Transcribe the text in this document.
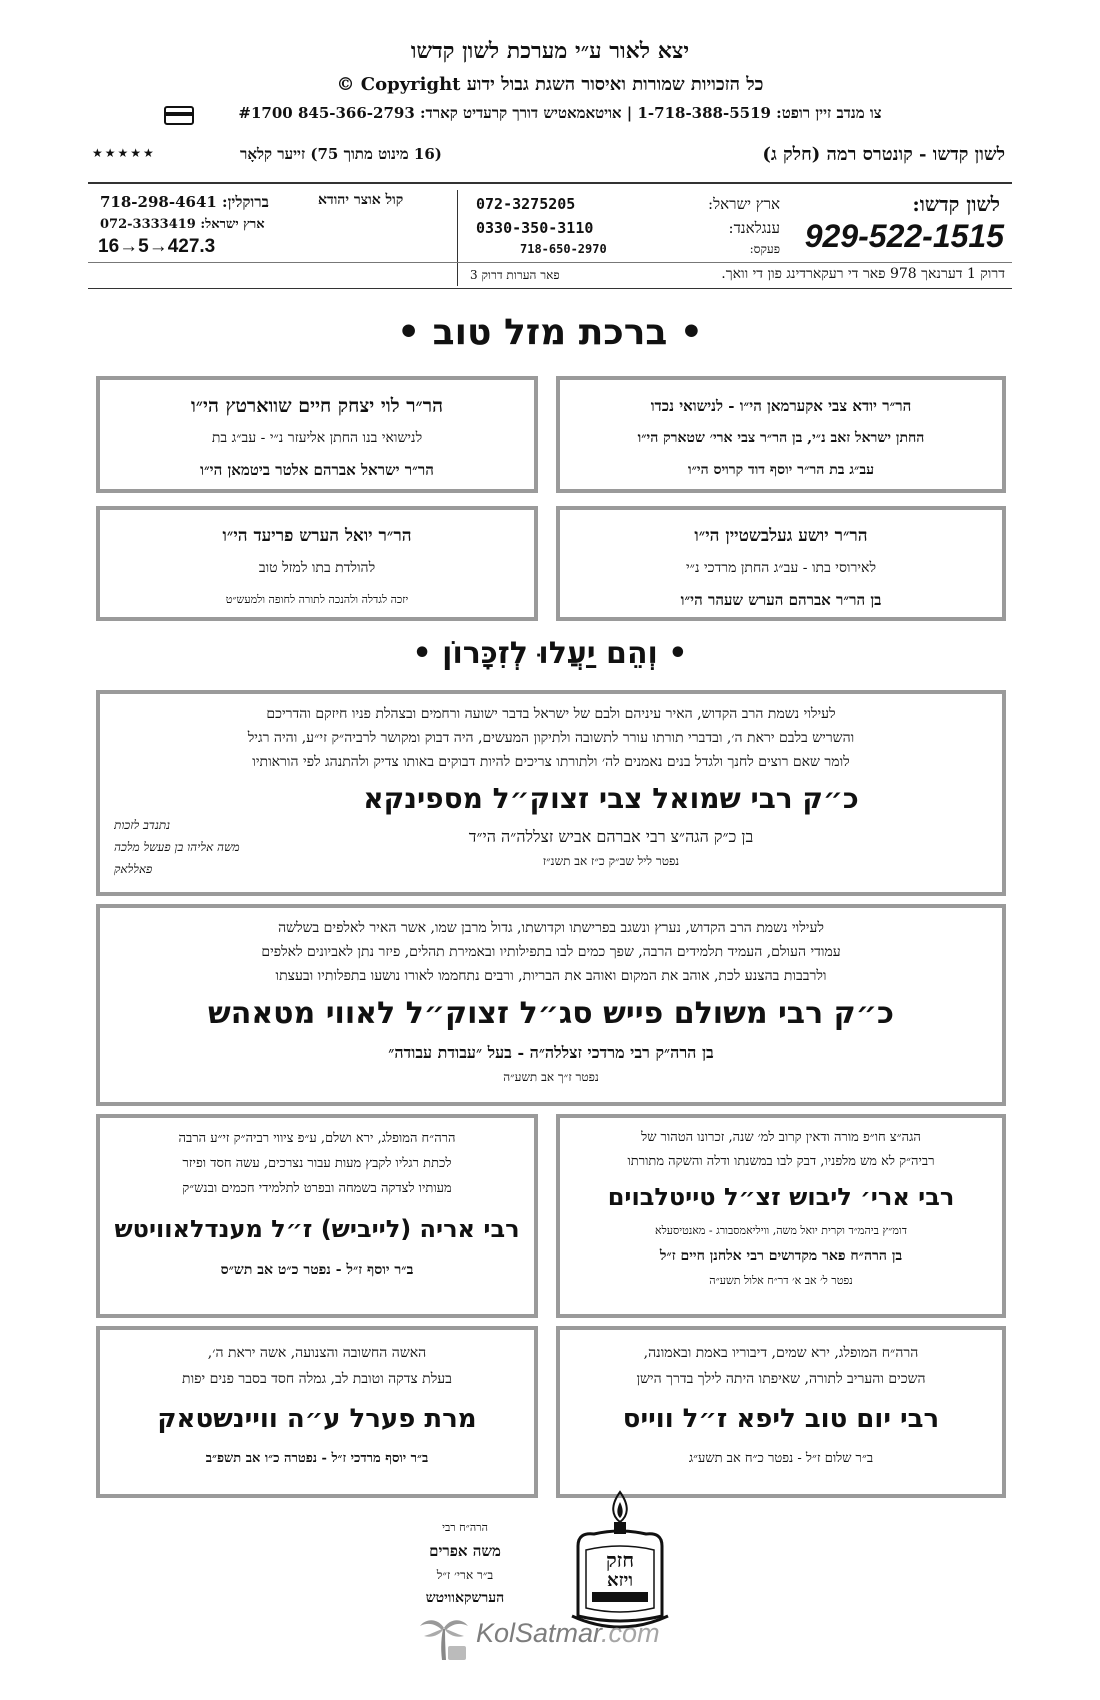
יצא לאור ע״י מערכת לשון קדשו
כל הזכויות שמורות ואיסור השגת גבול ידוע Copyright ©
צו מנדב זיין רופט: 1-718-388-5519 | אויטאמאטיש דורך קרעדיט קארד: 845-366-2793 #1700
לשון קדשו - קונטרס רמה (חלק ג)
(16 מינוט מתוך 75) זייער קלאָר
★★★★★
לשון קדשו:
929-522-1515
ארץ ישראל:
072-3275205
ענגלאנד:
0330-350-3110
פעקס:
718-650-2970
קול אוצר יהודא
ברוקלין: 718-298-4641
ארץ ישראל: 072-3333419
16→5→427.3
דרוק 1 דערנאך 978 פאר די רעקארדינג פון די וואך.
פאר הערות דרוק 3
• ברכת מזל טוב •
הר״ר יודא צבי אקערמאן הי״ו - לנישואי נכדו
החתן ישראל זאב נ״י, בן הר״ר צבי ארי׳ שטארק הי״ו
עב״ג בת הר״ר יוסף דוד קרויס הי״ו
הר״ר לוי יצחק חיים שווארטץ הי״ו
לנישואי בנו החתן אליעזר נ״י - עב״ג בת
הר״ר ישראל אברהם אלטר ביטמאן הי״ו
הר״ר יושע געלבשטיין הי״ו
לאירוסי בתו - עב״ג החתן מרדכי נ״י
בן הר״ר אברהם הערש שעהר הי״ו
הר״ר יואל הערש פריעד הי״ו
להולדת בתו למזל טוב
יזכה לגדלה ולהנכה לתורה לחופה ולמעש״ט
• וְהֵם יַעֲלוּ לְזִכָּרוֹן •
לעילוי נשמת הרב הקדוש, האיר עיניהם ולבם של ישראל בדבר ישועה ורחמים ובצהלת פניו חיזקם והדריכם
והשריש בלבם יראת ה׳, ובדברי תורתו עורר לתשובה ולתיקון המעשים, היה דבוק ומקושר לרביה״ק זי״ע, והיה רגיל
לומר שאם רוצים לחנך ולגדל בנים נאמנים לה׳ ולתורתו צריכים להיות דבוקים באותו צדיק ולהתנהג לפי הוראותיו
כ״ק רבי שמואל צבי זצוק״ל מספינקא
בן כ״ק הגה״צ רבי אברהם אביש זצללה״ה הי״ד
נפטר ליל שב״ק כ״ז אב תשנ״ז
נתנדב לזכות
משה אליהו בן פעשל מלכה
פאללאק
לעילוי נשמת הרב הקדוש, נערץ ונשגב בפרישתו וקדושתו, גדול מרבן שמו, אשר האיר לאלפים בשלשה
עמודי העולם, העמיד תלמידים הרבה, שפך כמים לבו בתפילותיו ובאמירת תהלים, פיזר נתן לאביונים לאלפים
ולרבבות בהצנע לכת, אוהב את המקום ואוהב את הבריות, ורבים נתחממו לאורו נושעו בתפלותיו ובעצתו
כ״ק רבי משולם פייש סג״ל זצוק״ל לאווי מטאהש
בן הרה״ק רבי מרדכי זצללה״ה - בעל ״עבודת עבודה״
נפטר ז״ך אב תשע״ה
הגה״צ חו״פ מורה ודאין קרוב למ׳ שנה, זכרונו הטהור של
רביה״ק לא מש מלפניו, דבק לבו במשנתו ודלה והשקה מתורתו
רבי ארי׳ ליבוש זצ״ל טייטלבוים
דומ״ץ ביהמ״ד וקרית יואל משה, וויליאמסבורג - מאנטיסעלא
בן הרה״ח פאר מקדושים רבי אלחנן חיים ז״ל
נפטר ל׳ אב א׳ דר״ח אלול תשע״ה
הרה״ח המופלג, ירא ושלם, ע״פ ציווי רביה״ק זי״ע הרבה
לכתת רגליו לקבץ מעות עבור נצרכים, עשה חסד ופיזר
מעותיו לצדקה בשמחה ובפרט לתלמידי חכמים ובנש״ק
רבי אריה (לייביש) ז״ל מענדלאוויטש
ב״ר יוסף ז״ל - נפטר כ״ט אב תש״ס
הרה״ח המופלג, ירא שמים, דיבוריו באמת ובאמונה,
השכים והעריב לתורה, שאיפתו היתה לילך בדרך הישן
רבי יום טוב ליפא ז״ל ווייס
ב״ר שלום ז״ל - נפטר כ״ח אב תשע״ג
האשה החשובה והצנועה, אשה יראת ה׳,
בעלת צדקה וטובת לב, גמלה חסד בסבר פנים יפות
מרת פערל ע״ה וויינשטאק
ב״ר יוסף מרדכי ז״ל - נפטרה כ״ו אב תשפ״ב
הרה״ח רבי
משה אפרים
ב״ר ארי׳ ז״ל
הערשקאוויטש
חזק
ויזא
KolSatmar.com
